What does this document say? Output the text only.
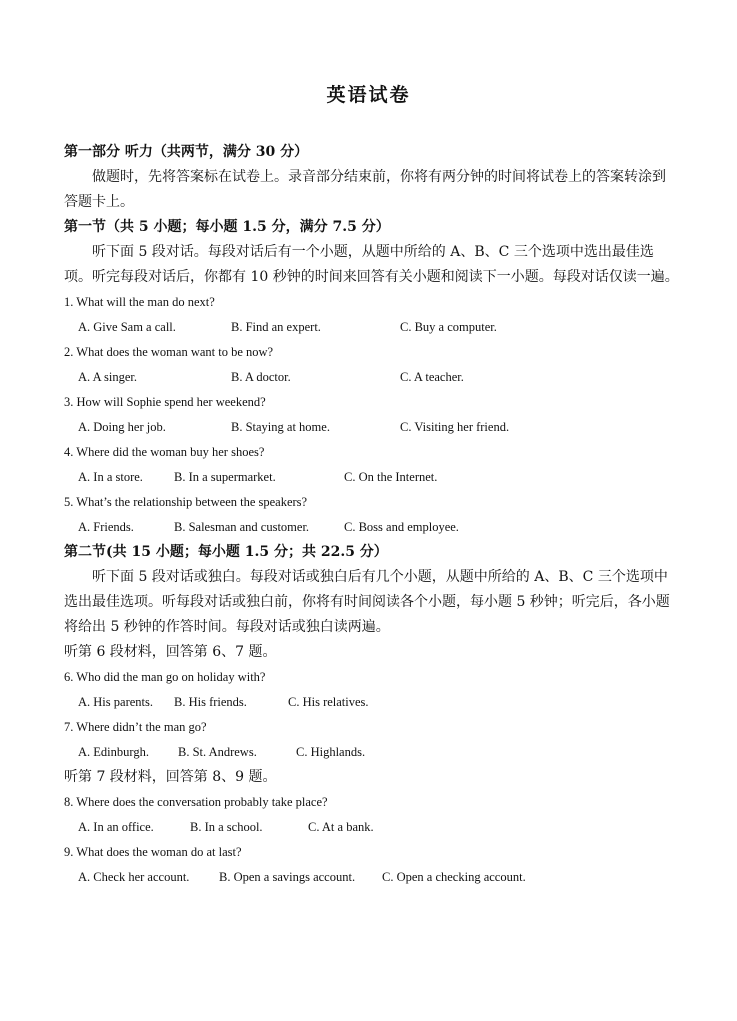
英语试卷
第一部分 听力（共两节，满分 30 分）
做题时，先将答案标在试卷上。录音部分结束前，你将有两分钟的时间将试卷上的答案转涂到答题卡上。
第一节（共 5 小题；每小题 1.5 分，满分 7.5 分）
听下面 5 段对话。每段对话后有一个小题，从题中所给的 A、B、C 三个选项中选出最佳选项。听完每段对话后，你都有 10 秒钟的时间来回答有关小题和阅读下一小题。每段对话仅读一遍。
1. What will the man do next?
A. Give Sam a call.	B. Find an expert.	C. Buy a computer.
2. What does the woman want to be now?
A. A singer.	B. A doctor.	C. A teacher.
3. How will Sophie spend her weekend?
A. Doing her job.	B. Staying at home.	C. Visiting her friend.
4. Where did the woman buy her shoes?
A. In a store. B. In a supermarket.	C. On the Internet.
5. What’s the relationship between the speakers?
A. Friends.	B. Salesman and customer.	C. Boss and employee.
第二节(共 15 小题；每小题 1.5 分；共 22.5 分）
听下面 5 段对话或独白。每段对话或独白后有几个小题，从题中所给的 A、B、C 三个选项中选出最佳选项。听每段对话或独白前，你将有时间阅读各个小题，每小题 5 秒钟；听完后，各小题将给出 5 秒钟的作答时间。每段对话或独白读两遍。
听第 6 段材料，回答第 6、7 题。
6. Who did the man go on holiday with?
A. His parents. B. His friends.	C. His relatives.
7. Where didn’t the man go?
A. Edinburgh. B. St. Andrews.	C. Highlands.
听第 7 段材料，回答第 8、9 题。
8. Where does the conversation probably take place?
A. In an office.	B. In a school.	C. At a bank.
9. What does the woman do at last?
A. Check her account. B. Open a savings account. C. Open a checking account.
